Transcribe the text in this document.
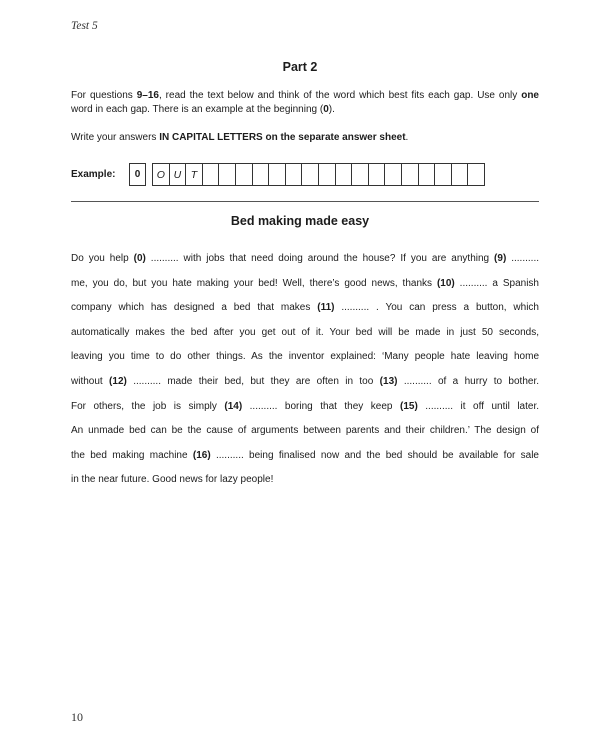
Test 5
Part 2
For questions 9–16, read the text below and think of the word which best fits each gap. Use only one word in each gap. There is an example at the beginning (0).
Write your answers IN CAPITAL LETTERS on the separate answer sheet.
Example:	0	O U T
Bed making made easy
Do you help (0) .......... with jobs that need doing around the house? If you are anything (9) ..........
me, you do, but you hate making your bed! Well, there’s good news, thanks (10) .......... a Spanish
company which has designed a bed that makes (11) .......... . You can press a button, which
automatically makes the bed after you get out of it. Your bed will be made in just 50 seconds,
leaving you time to do other things. As the inventor explained: ‘Many people hate leaving home
without (12) .......... made their bed, but they are often in too (13) .......... of a hurry to bother.
For others, the job is simply (14) .......... boring that they keep (15) .......... it off until later.
An unmade bed can be the cause of arguments between parents and their children.’ The design of
the bed making machine (16) .......... being finalised now and the bed should be available for sale
in the near future. Good news for lazy people!
10
